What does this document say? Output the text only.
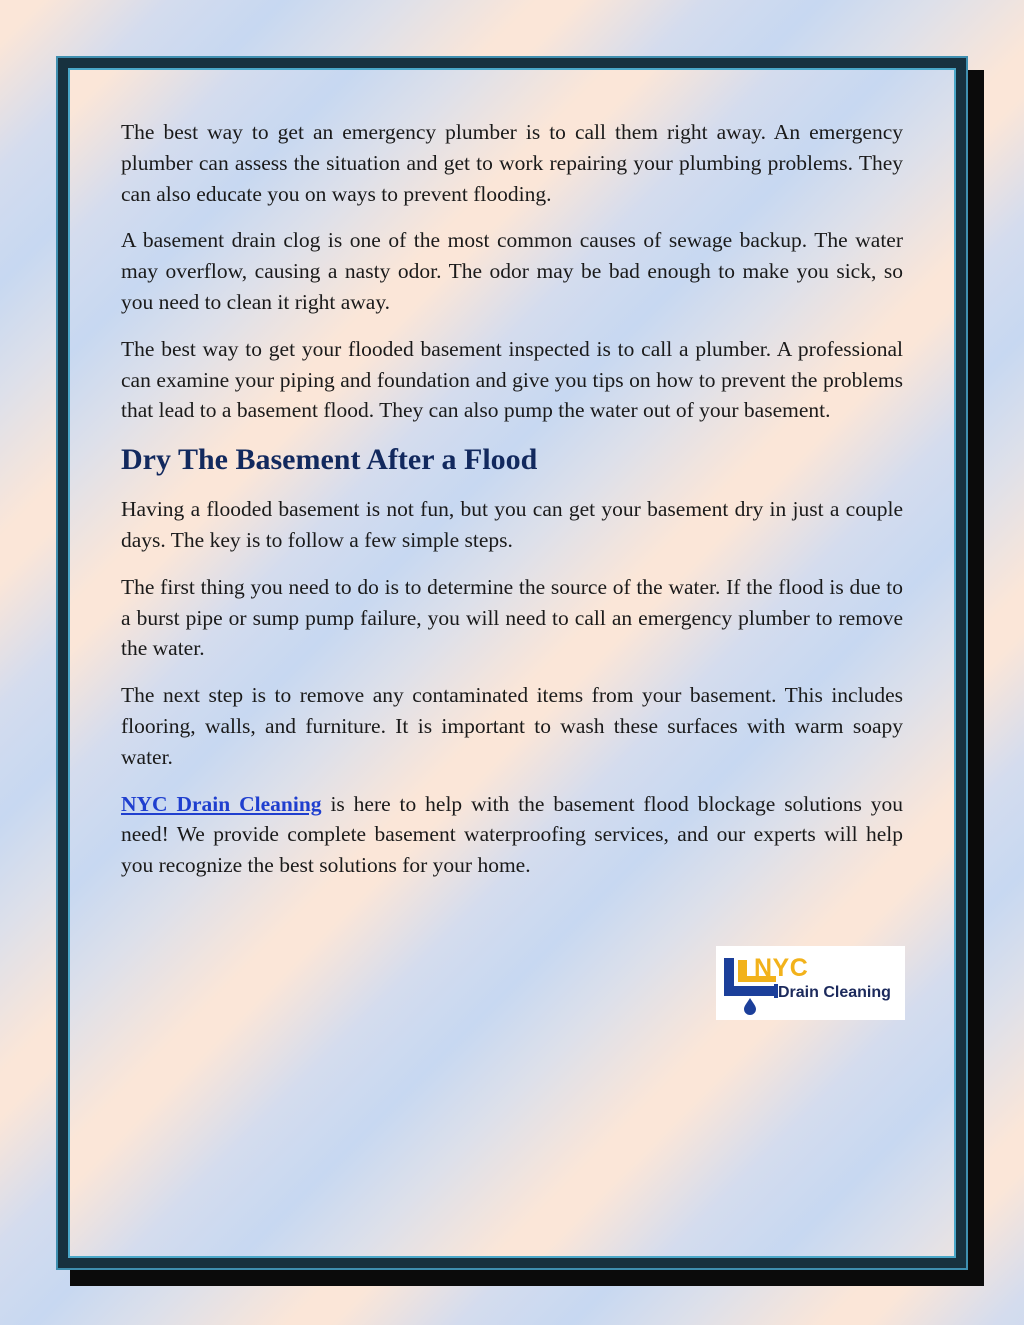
The best way to get an emergency plumber is to call them right away. An emergency plumber can assess the situation and get to work repairing your plumbing problems. They can also educate you on ways to prevent flooding.

A basement drain clog is one of the most common causes of sewage backup. The water may overflow, causing a nasty odor. The odor may be bad enough to make you sick, so you need to clean it right away.

The best way to get your flooded basement inspected is to call a plumber. A professional can examine your piping and foundation and give you tips on how to prevent the problems that lead to a basement flood. They can also pump the water out of your basement.

Dry The Basement After a Flood

Having a flooded basement is not fun, but you can get your basement dry in just a couple days. The key is to follow a few simple steps.

The first thing you need to do is to determine the source of the water. If the flood is due to a burst pipe or sump pump failure, you will need to call an emergency plumber to remove the water.

The next step is to remove any contaminated items from your basement. This includes flooring, walls, and furniture. It is important to wash these surfaces with warm soapy water.

NYC Drain Cleaning is here to help with the basement flood blockage solutions you need! We provide complete basement waterproofing services, and our experts will help you recognize the best solutions for your home.

NYC
Drain Cleaning
